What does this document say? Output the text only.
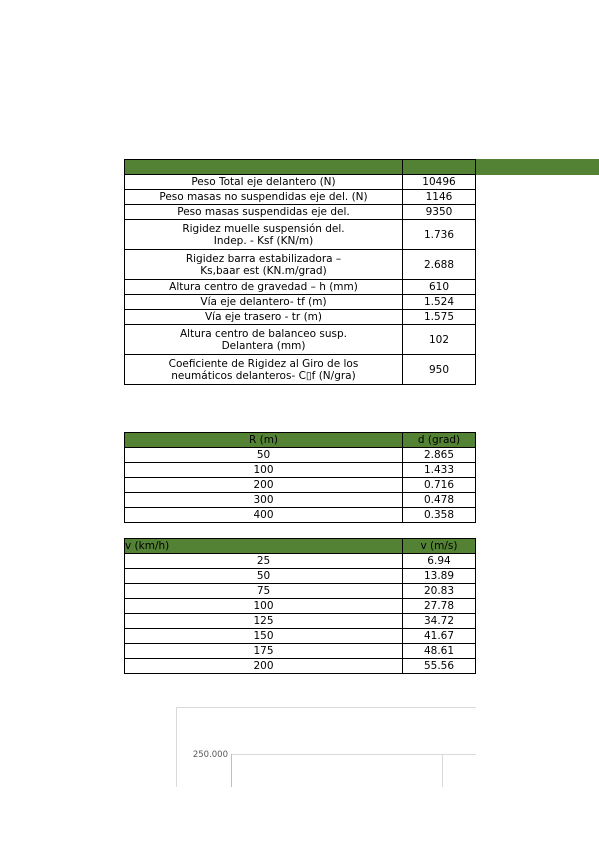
Peso Total eje delantero (N)	10496
Peso masas no suspendidas eje del. (N)	1146
Peso masas suspendidas eje del.	9350
Rigidez muelle suspensión del.
Indep. - Ksf (KN/m)	1.736
Rigidez barra estabilizadora –
Ks,baar est (KN.m/grad)	2.688
Altura centro de gravedad – h (mm)	610
Vía eje delantero- tf (m)	1.524
Vía eje trasero - tr (m)	1.575
Altura centro de balanceo susp.
Delantera (mm)	102
Coeficiente de Rigidez al Giro de los
neumáticos delanteros- C▯f (N/gra)	950
R (m)	d (grad)
50	2.865
100	1.433
200	0.716
300	0.478
400	0.358
v (km/h)	v (m/s)
25	6.94
50	13.89
75	20.83
100	27.78
125	34.72
150	41.67
175	48.61
200	55.56
250.000
